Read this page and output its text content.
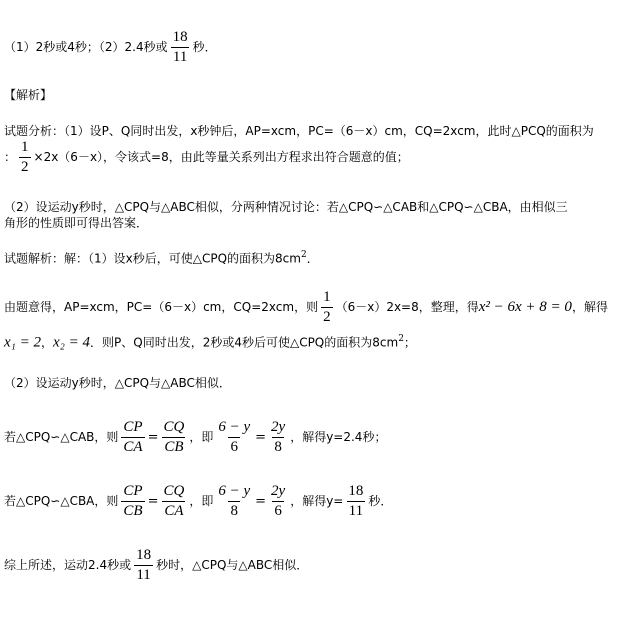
（1）2秒或4秒；（2）2.4秒或 $\frac{18}{11}$ 秒．
【解析】
试题分析：（1）设P、Q同时出发，x秒钟后，AP=xcm，PC=（6－x）cm，CQ=2xcm，此时△PCQ的面积为
： $\frac{1}{2} \times 2x(6-x)$，令该式=8，由此等量关系列出方程求出符合题意的值；
（2）设运动y秒时，△CPQ与△ABC相似，分两种情况讨论：若△CPQ∽△CAB和△CPQ∽△CBA，由相似三
角形的性质即可得出答案．
试题解析：解：（1）设x秒后，可使△CPQ的面积为$8cm^2$．
由题意得，AP=xcm，PC=（6－x）cm，CQ=2xcm，则 $\frac{1}{2} (6-x)2x=8$，整理，得x² − 6x + 8 = 0，解得
x₁ = 2，x₂ = 4．则P、Q同时出发，2秒或4秒后可使△CPQ的面积为$8cm^2$；
（2）设运动y秒时，△CPQ与△ABC相似．
若△CPQ∽△CAB，则 $\frac{CP}{CA} = \frac{CQ}{CB}$ ，即 $\frac{6 - y}{6} = \frac{2y}{8}$ ，解得y=2.4秒；
若△CPQ∽△CBA，则 $\frac{CP}{CB} = \frac{CQ}{CA}$ ，即 $\frac{6 - y}{8} = \frac{2y}{6}$ ，解得$y= \frac{18}{11}$ 秒．
综上所述，运动2.4秒或 $\frac{18}{11}$ 秒时，△CPQ与△ABC相似．
